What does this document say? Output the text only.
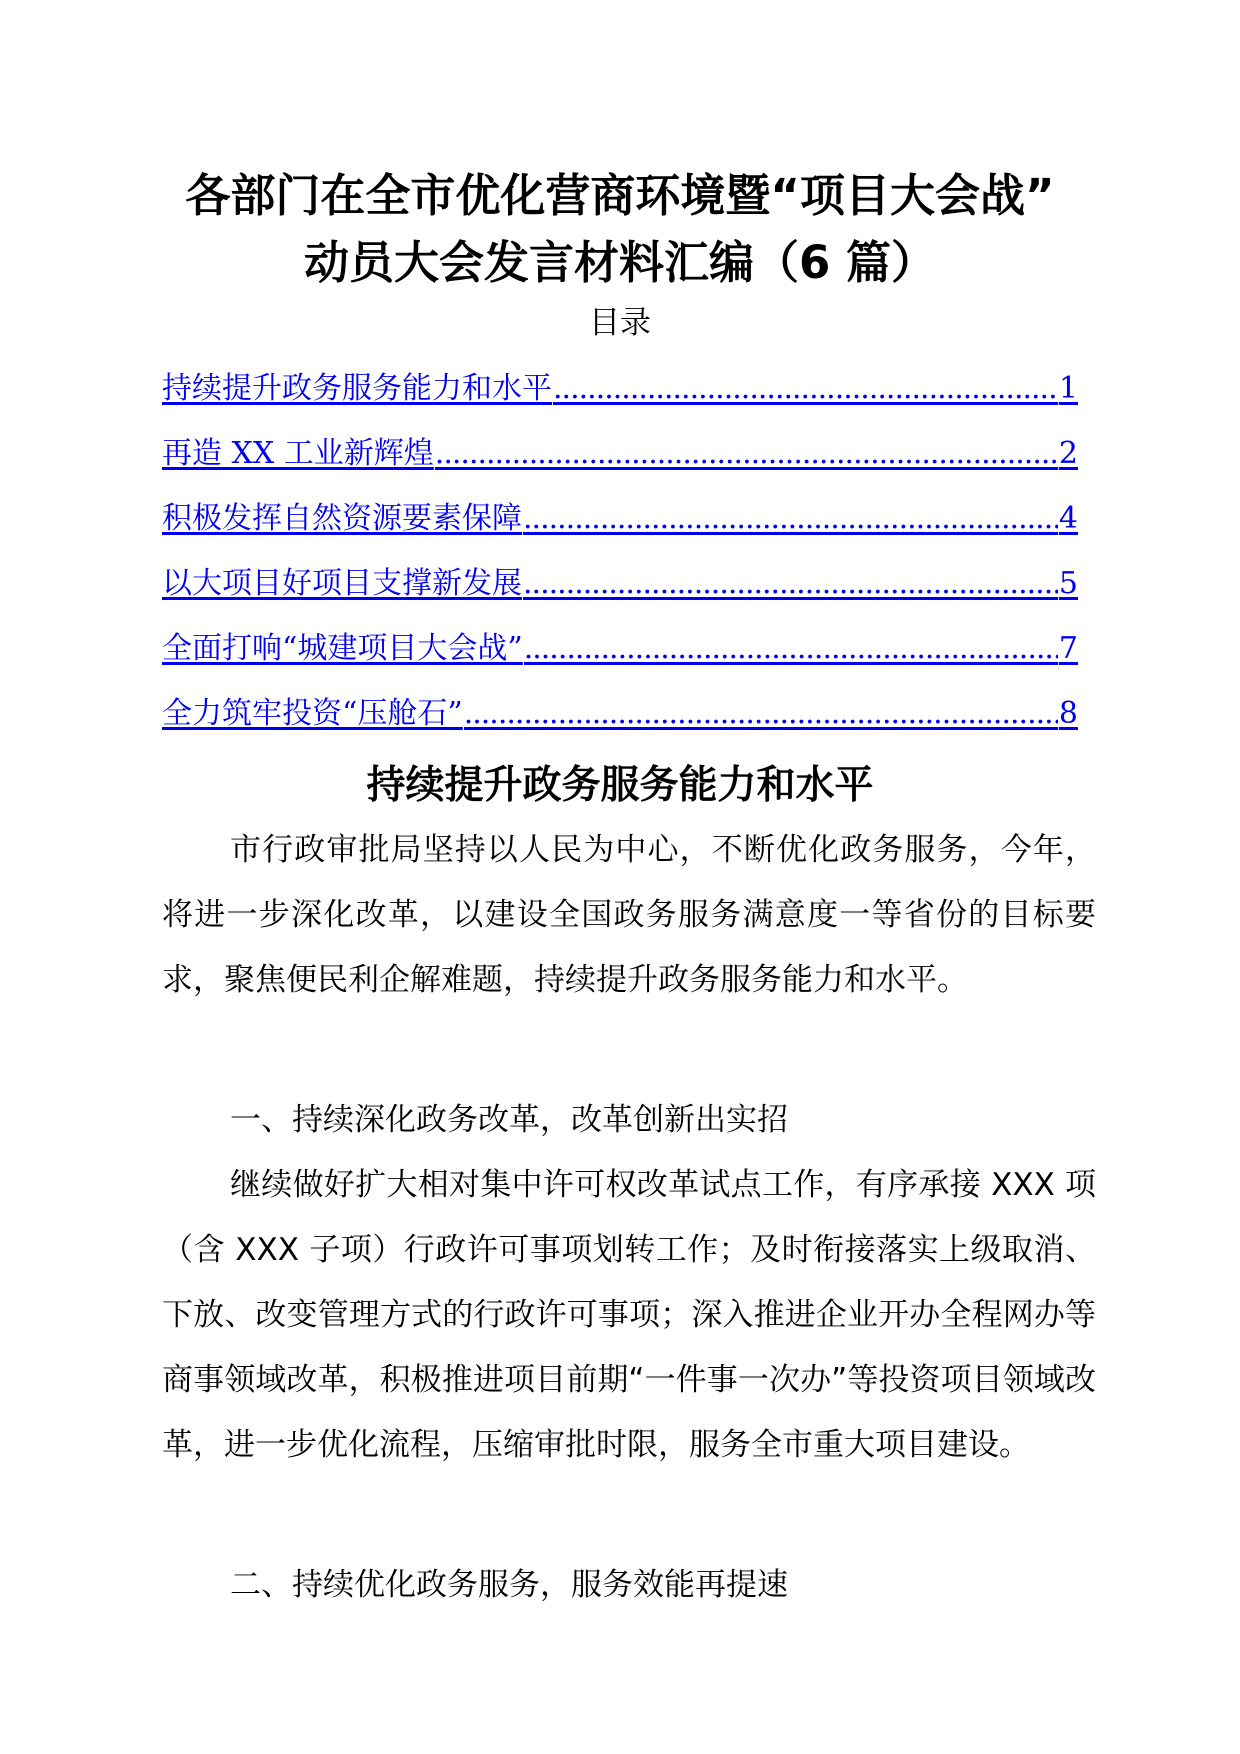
各部门在全市优化营商环境暨“项目大会战”
动员大会发言材料汇编（6 篇）
目录
持续提升政务服务能力和水平 .....	1
再造 XX 工业新辉煌 .....	2
积极发挥自然资源要素保障 .....	4
以大项目好项目支撑新发展 .....	5
全面打响“城建项目大会战” .....	7
全力筑牢投资“压舱石” .....	8
持续提升政务服务能力和水平

市行政审批局坚持以人民为中心，不断优化政务服务，今年，将进一步深化改革，以建设全国政务服务满意度一等省份的目标要求，聚焦便民利企解难题，持续提升政务服务能力和水平。

一、持续深化政务改革，改革创新出实招

继续做好扩大相对集中许可权改革试点工作，有序承接 XXX 项（含 XXX 子项）行政许可事项划转工作；及时衔接落实上级取消、下放、改变管理方式的行政许可事项；深入推进企业开办全程网办等商事领域改革，积极推进项目前期“一件事一次办”等投资项目领域改革，进一步优化流程，压缩审批时限，服务全市重大项目建设。

二、持续优化政务服务，服务效能再提速
